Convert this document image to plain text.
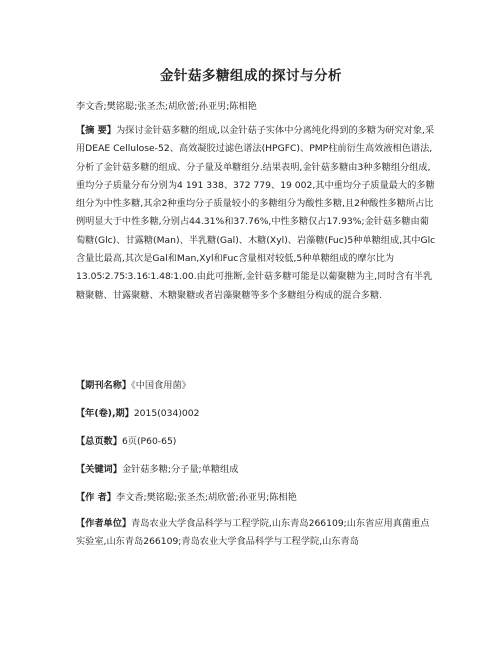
金针菇多糖组成的探讨与分析
李文香;樊铭聪;张圣杰;胡欣蕾;孙亚男;陈相艳
【摘 要】为探讨金针菇多糖的组成,以金针菇子实体中分离纯化得到的多糖为研究对象,采用DEAE Cellulose-52、高效凝胶过滤色谱法(HPGFC)、PMP柱前衍生高效液相色谱法,分析了金针菇多糖的组成、分子量及单糖组分.结果表明,金针菇多糖由3种多糖组分组成,重均分子质量分布分别为4 191 338、372 779、19 002,其中重均分子质量最大的多糖组分为中性多糖,其余2种重均分子质量较小的多糖组分为酸性多糖,且2种酸性多糖所占比例明显大于中性多糖,分别占44.31%和37.76%,中性多糖仅占17.93%;金针菇多糖由葡萄糖(Glc)、甘露糖(Man)、半乳糖(Gal)、木糖(Xyl)、岩藻糖(Fuc)5种单糖组成,其中Glc含量比最高,其次是Gal和Man,Xyl和Fuc含量相对较低,5种单糖组成的摩尔比为
13.05∶2.75∶3.16∶1.48∶1.00.由此可推断,金针菇多糖可能是以葡聚糖为主,同时含有半乳糖聚糖、甘露聚糖、木糖聚糖或者岩藻聚糖等多个多糖组分构成的混合多糖.
【期刊名称】《中国食用菌》
【年(卷),期】2015(034)002
【总页数】6页(P60-65)
【关键词】金针菇多糖;分子量;单糖组成
【作 者】李文香;樊铭聪;张圣杰;胡欣蕾;孙亚男;陈相艳
【作者单位】青岛农业大学食品科学与工程学院,山东青岛266109;山东省应用真菌重点实验室,山东青岛266109;青岛农业大学食品科学与工程学院,山东青岛
